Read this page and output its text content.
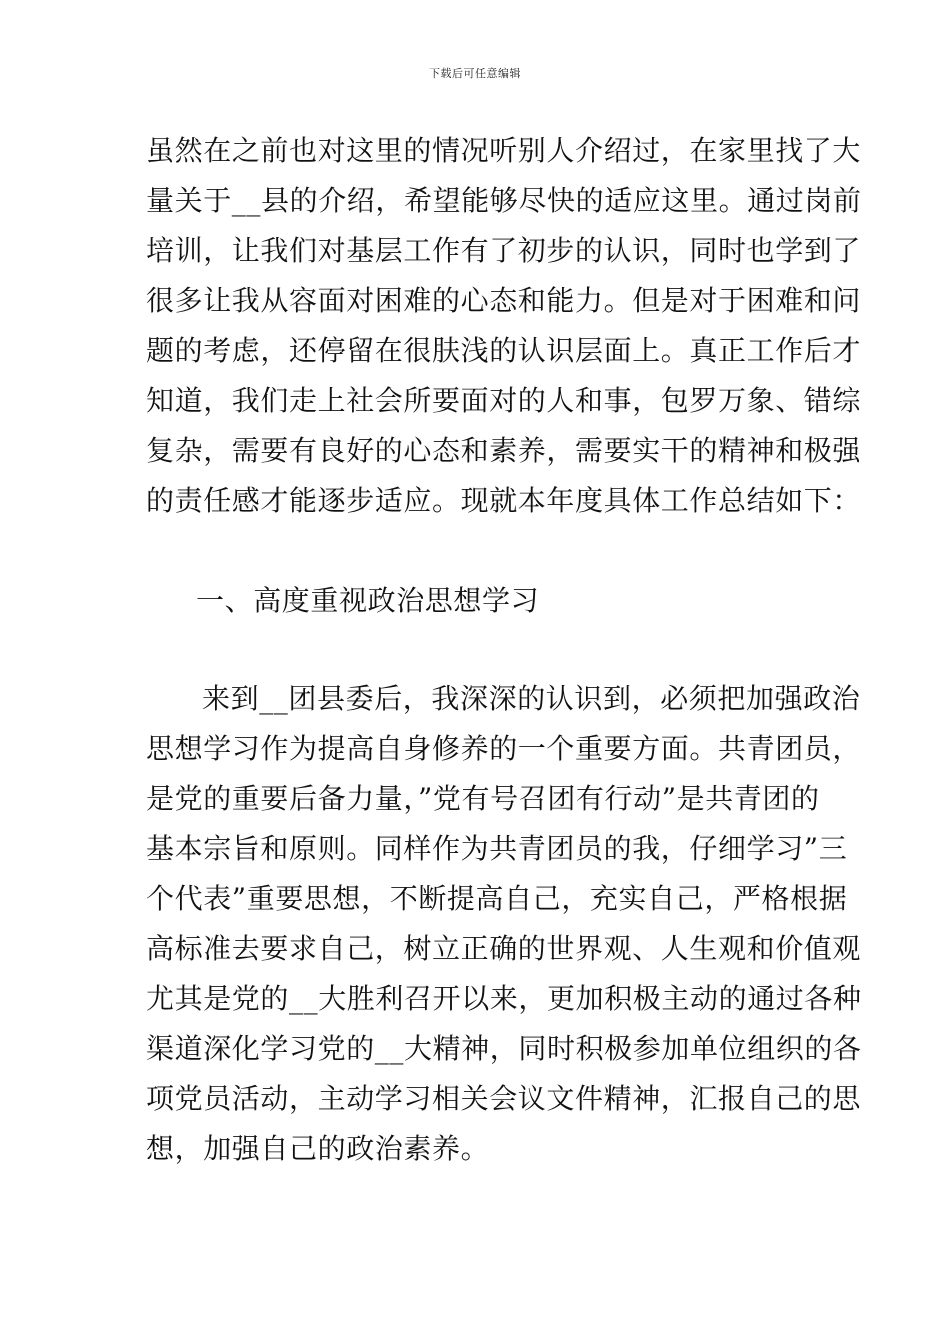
下载后可任意编辑

虽然在之前也对这里的情况听别人介绍过，在家里找了大
量关于__县的介绍，希望能够尽快的适应这里。通过岗前
培训，让我们对基层工作有了初步的认识，同时也学到了
很多让我从容面对困难的心态和能力。但是对于困难和问
题的考虑，还停留在很肤浅的认识层面上。真正工作后才
知道，我们走上社会所要面对的人和事，包罗万象、错综
复杂，需要有良好的心态和素养，需要实干的精神和极强
的责任感才能逐步适应。现就本年度具体工作总结如下：

一、高度重视政治思想学习

来到__团县委后，我深深的认识到，必须把加强政治

思想学习作为提高自身修养的一个重要方面。共青团员，
是党的重要后备力量，”党有号召团有行动”是共青团的
基本宗旨和原则。同样作为共青团员的我，仔细学习”三
个代表”重要思想，不断提高自己，充实自己，严格根据
高标准去要求自己，树立正确的世界观、人生观和价值观
尤其是党的__大胜利召开以来，更加积极主动的通过各种
渠道深化学习党的__大精神，同时积极参加单位组织的各
项党员活动，主动学习相关会议文件精神，汇报自己的思
想，加强自己的政治素养。
